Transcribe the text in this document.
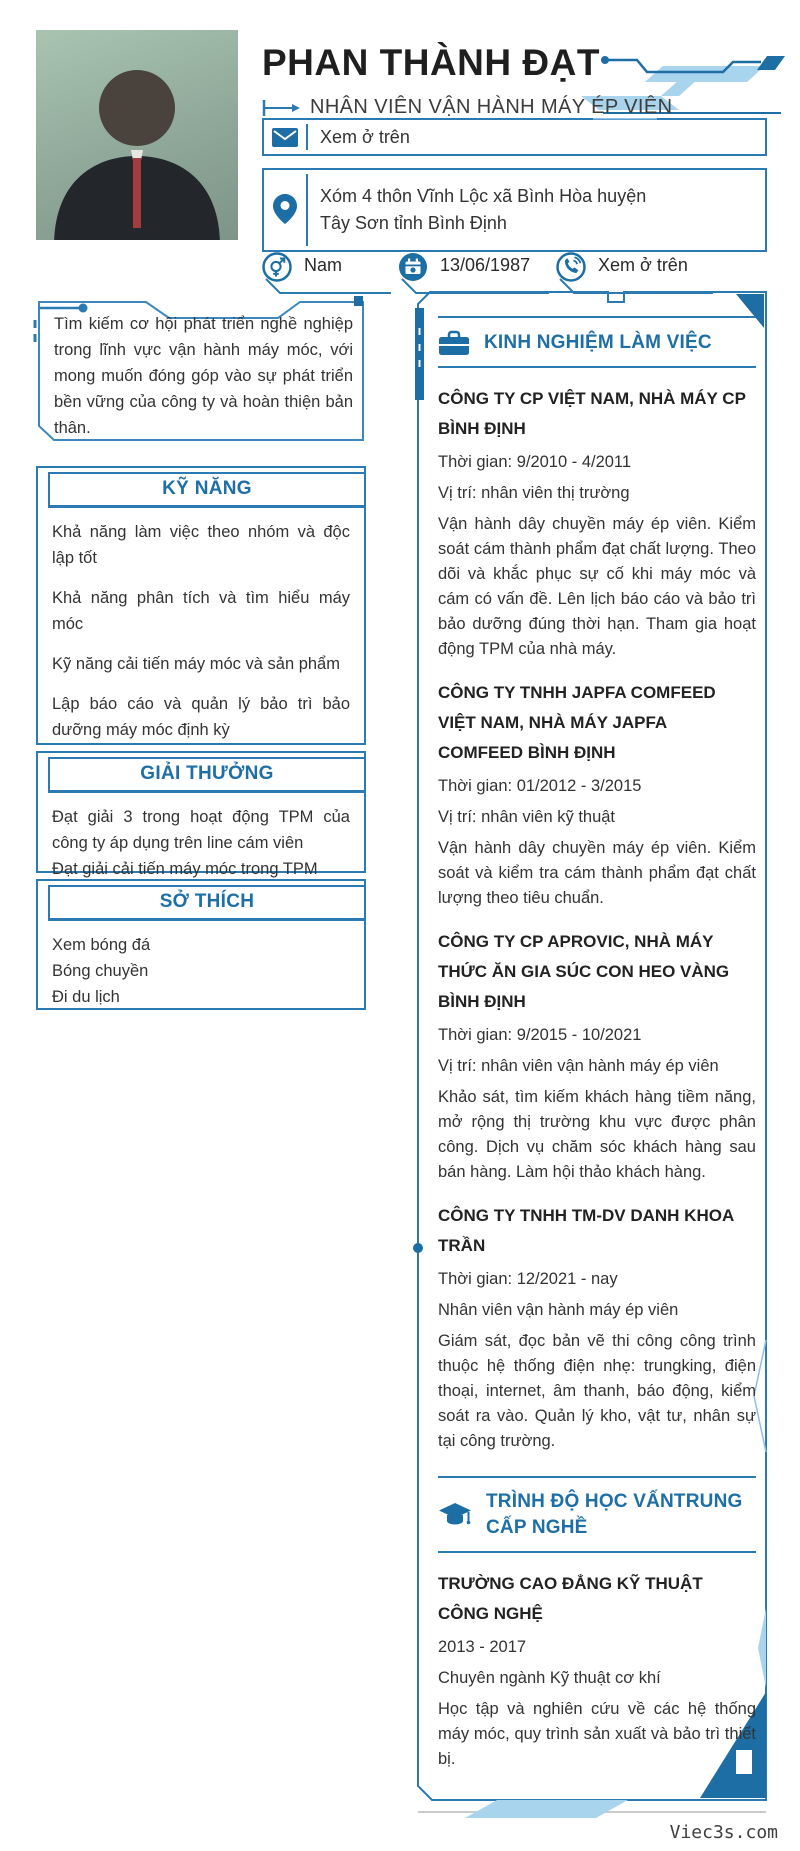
PHAN THÀNH ĐẠT
NHÂN VIÊN VẬN HÀNH MÁY ÉP VIÊN
Xem ở trên
Xóm 4 thôn Vĩnh Lộc xã Bình Hòa huyện
Tây Sơn tỉnh Bình Định
Nam	13/06/1987	Xem ở trên
Tìm kiếm cơ hội phát triển nghề nghiệp trong lĩnh vực vận hành máy móc, với mong muốn đóng góp vào sự phát triển bền vững của công ty và hoàn thiện bản thân.
KỸ NĂNG

Khả năng làm việc theo nhóm và độc lập tốt

Khả năng phân tích và tìm hiểu máy móc

Kỹ năng cải tiến máy móc và sản phẩm

Lập báo cáo và quản lý bảo trì bảo dưỡng máy móc định kỳ

GIẢI THƯỞNG

Đạt giải 3 trong hoạt động TPM của công ty áp dụng trên line cám viên

Đạt giải cải tiến máy móc trong TPM

SỞ THÍCH

Xem bóng đá

Bóng chuyền

Đi du lịch

KINH NGHIỆM LÀM VIỆC

CÔNG TY CP VIỆT NAM, NHÀ MÁY CP BÌNH ĐỊNH

Thời gian: 9/2010 - 4/2011

Vị trí: nhân viên thị trường

Vận hành dây chuyền máy ép viên. Kiểm soát cám thành phẩm đạt chất lượng. Theo dõi và khắc phục sự cố khi máy móc và cám có vấn đề. Lên lịch báo cáo và bảo trì bảo dưỡng đúng thời hạn. Tham gia hoạt động TPM của nhà máy.

CÔNG TY TNHH JAPFA COMFEED VIỆT NAM, NHÀ MÁY JAPFA COMFEED BÌNH ĐỊNH

Thời gian: 01/2012 - 3/2015

Vị trí: nhân viên kỹ thuật

Vận hành dây chuyền máy ép viên. Kiểm soát và kiểm tra cám thành phẩm đạt chất lượng theo tiêu chuẩn.

CÔNG TY CP APROVIC, NHÀ MÁY THỨC ĂN GIA SÚC CON HEO VÀNG BÌNH ĐỊNH

Thời gian: 9/2015 - 10/2021

Vị trí: nhân viên vận hành máy ép viên

Khảo sát, tìm kiếm khách hàng tiềm năng, mở rộng thị trường khu vực được phân công. Dịch vụ chăm sóc khách hàng sau bán hàng. Làm hội thảo khách hàng.

CÔNG TY TNHH TM-DV DANH KHOA TRẦN

Thời gian: 12/2021 - nay

Nhân viên vận hành máy ép viên

Giám sát, đọc bản vẽ thi công công trình thuộc hệ thống điện nhẹ: trungking, điện thoại, internet, âm thanh, báo động, kiểm soát ra vào. Quản lý kho, vật tư, nhân sự tại công trường.

TRÌNH ĐỘ HỌC VẤNTRUNG CẤP NGHỀ

TRƯỜNG CAO ĐẲNG KỸ THUẬT CÔNG NGHỆ

2013 - 2017

Chuyên ngành Kỹ thuật cơ khí

Học tập và nghiên cứu về các hệ thống máy móc, quy trình sản xuất và bảo trì thiết bị.

Viec3s.com
